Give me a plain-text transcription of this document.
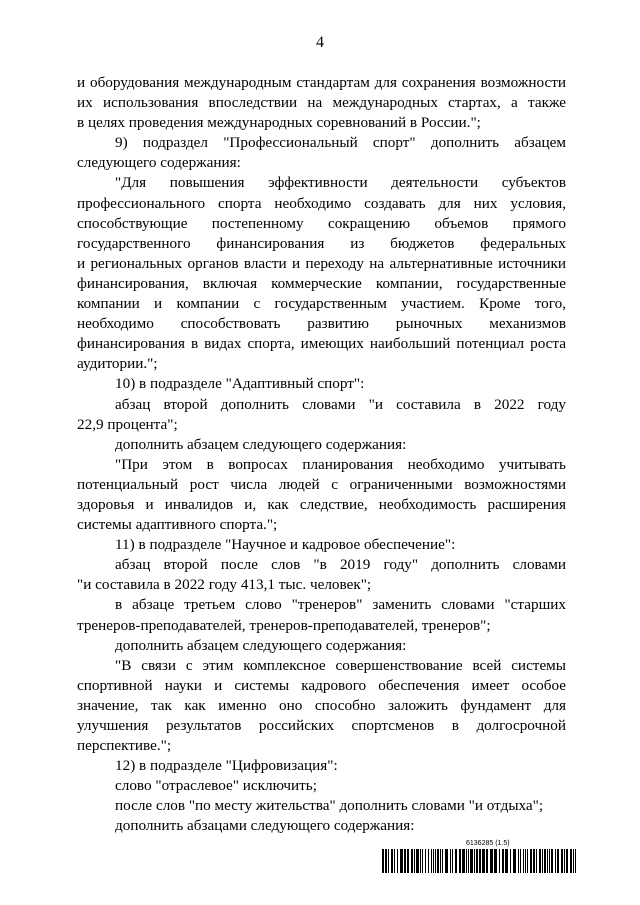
4
и оборудования международным стандартам для сохранения возможности
их использования впоследствии на международных стартах, а также
в целях проведения международных соревнований в России.";
9) подраздел "Профессиональный спорт" дополнить абзацем
следующего содержания:
"Для повышения эффективности деятельности субъектов
профессионального спорта необходимо создавать для них условия,
способствующие постепенному сокращению объемов прямого
государственного финансирования из бюджетов федеральных
и региональных органов власти и переходу на альтернативные источники
финансирования, включая коммерческие компании, государственные
компании и компании с государственным участием. Кроме того,
необходимо способствовать развитию рыночных механизмов
финансирования в видах спорта, имеющих наибольший потенциал роста
аудитории.";
10) в подразделе "Адаптивный спорт":
абзац второй дополнить словами "и составила в 2022 году
22,9 процента";
дополнить абзацем следующего содержания:
"При этом в вопросах планирования необходимо учитывать
потенциальный рост числа людей с ограниченными возможностями
здоровья и инвалидов и, как следствие, необходимость расширения
системы адаптивного спорта.";
11) в подразделе "Научное и кадровое обеспечение":
абзац второй после слов "в 2019 году" дополнить словами
"и составила в 2022 году 413,1 тыс. человек";
в абзаце третьем слово "тренеров" заменить словами "старших
тренеров-преподавателей, тренеров-преподавателей, тренеров";
дополнить абзацем следующего содержания:
"В связи с этим комплексное совершенствование всей системы
спортивной науки и системы кадрового обеспечения имеет особое
значение, так как именно оно способно заложить фундамент для
улучшения результатов российских спортсменов в долгосрочной
перспективе.";
12) в подразделе "Цифровизация":
слово "отраслевое" исключить;
после слов "по месту жительства" дополнить словами "и отдыха";
дополнить абзацами следующего содержания:
6136285 (1.5)
